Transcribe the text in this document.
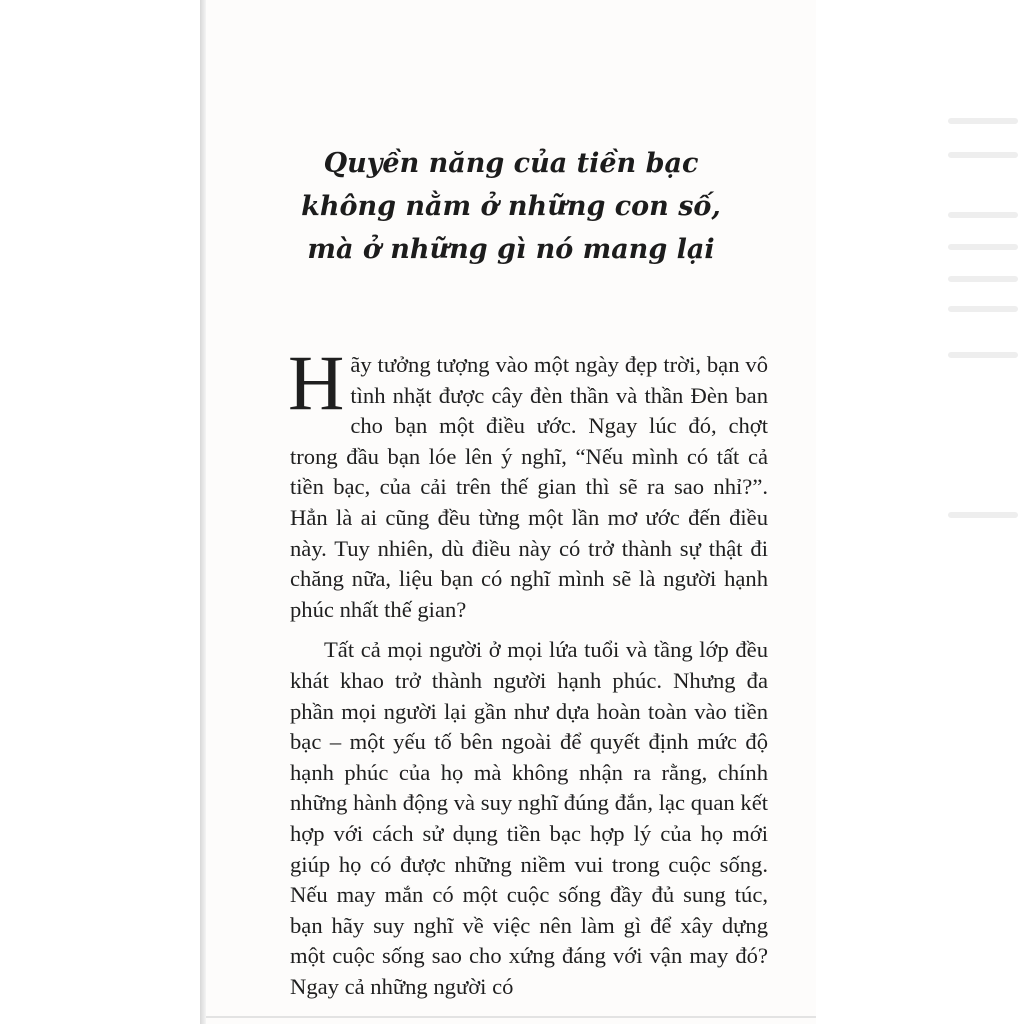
Quyền năng của tiền bạc
không nằm ở những con số,
mà ở những gì nó mang lại

Hãy tưởng tượng vào một ngày đẹp trời, bạn vô tình nhặt được cây đèn thần và thần Đèn ban cho bạn một điều ước. Ngay lúc đó, chợt trong đầu bạn lóe lên ý nghĩ, “Nếu mình có tất cả tiền bạc, của cải trên thế gian thì sẽ ra sao nhỉ?”. Hẳn là ai cũng đều từng một lần mơ ước đến điều này. Tuy nhiên, dù điều này có trở thành sự thật đi chăng nữa, liệu bạn có nghĩ mình sẽ là người hạnh phúc nhất thế gian?

Tất cả mọi người ở mọi lứa tuổi và tầng lớp đều khát khao trở thành người hạnh phúc. Nhưng đa phần mọi người lại gần như dựa hoàn toàn vào tiền bạc – một yếu tố bên ngoài để quyết định mức độ hạnh phúc của họ mà không nhận ra rằng, chính những hành động và suy nghĩ đúng đắn, lạc quan kết hợp với cách sử dụng tiền bạc hợp lý của họ mới giúp họ có được những niềm vui trong cuộc sống. Nếu may mắn có một cuộc sống đầy đủ sung túc, bạn hãy suy nghĩ về việc nên làm gì để xây dựng một cuộc sống sao cho xứng đáng với vận may đó? Ngay cả những người có
